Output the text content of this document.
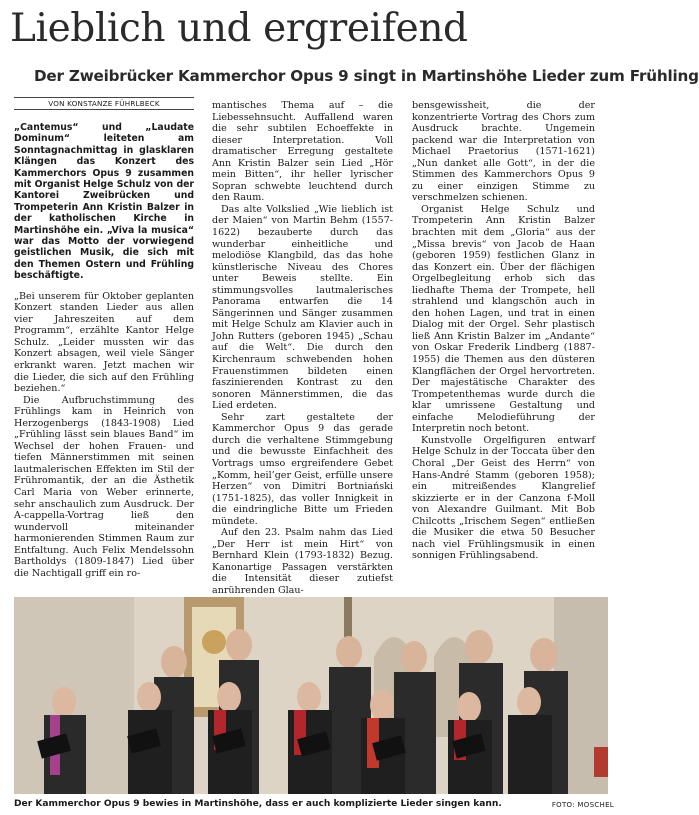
Lieblich und ergreifend
Der Zweibrücker Kammerchor Opus 9 singt in Martinshöhe Lieder zum Frühling
VON KONSTANZE FÜHRLBECK

„Cantemus“ und „Laudate Dominum“ leiteten am Sonntagnachmittag in glasklaren Klängen das Konzert des Kammerchors Opus 9 zusammen mit Organist Helge Schulz von der Kantorei Zweibrücken und Trompeterin Ann Kristin Balzer in der katholischen Kirche in Martinshöhe ein. „Viva la musica“ war das Motto der vorwiegend geistlichen Musik, die sich mit den Themen Ostern und Frühling beschäftigte.

„Bei unserem für Oktober geplanten Konzert standen Lieder aus allen vier Jahreszeiten auf dem Programm“, erzählte Kantor Helge Schulz. „Leider mussten wir das Konzert absagen, weil viele Sänger erkrankt waren. Jetzt machen wir die Lieder, die sich auf den Frühling beziehen.“

Die Aufbruchstimmung des Frühlings kam in Heinrich von Herzogenbergs (1843-1908) Lied „Frühling lässt sein blaues Band“ im Wechsel der hohen Frauen- und tiefen Männerstimmen mit seinen lautmalerischen Effekten im Stil der Frühromantik, der an die Ästhetik Carl Maria von Weber erinnerte, sehr anschaulich zum Ausdruck. Der A-cappella-Vortrag ließ den wundervoll miteinander harmonierenden Stimmen Raum zur Entfaltung. Auch Felix Mendelssohn Bartholdys (1809-1847) Lied über die Nachtigall griff ein ro-

mantisches Thema auf – die Liebessehnsucht. Auffallend waren die sehr subtilen Echoeffekte in dieser Interpretation. Voll dramatischer Erregung gestaltete Ann Kristin Balzer sein Lied „Hör mein Bitten“, ihr heller lyrischer Sopran schwebte leuchtend durch den Raum.

Das alte Volkslied „Wie lieblich ist der Maien“ von Martin Behm (1557-1622) bezauberte durch das wunderbar einheitliche und melodiöse Klangbild, das das hohe künstlerische Niveau des Chores unter Beweis stellte. Ein stimmungsvolles lautmalerisches Panorama entwarfen die 14 Sängerinnen und Sänger zusammen mit Helge Schulz am Klavier auch in John Rutters (geboren 1945) „Schau auf die Welt“. Die durch den Kirchenraum schwebenden hohen Frauenstimmen bildeten einen faszinierenden Kontrast zu den sonoren Männerstimmen, die das Lied erdeten.

Sehr zart gestaltete der Kammerchor Opus 9 das gerade durch die verhaltene Stimmgebung und die bewusste Einfachheit des Vortrags umso ergreifendere Gebet „Komm, heil’ger Geist, erfülle unsere Herzen“ von Dimitri Bortniański (1751-1825), das voller Innigkeit in die eindringliche Bitte um Frieden mündete.

Auf den 23. Psalm nahm das Lied „Der Herr ist mein Hirt“ von Bernhard Klein (1793-1832) Bezug. Kanonartige Passagen verstärkten die Intensität dieser zutiefst anrührenden Glau-

bensgewissheit, die der konzentrierte Vortrag des Chors zum Ausdruck brachte. Ungemein packend war die Interpretation von Michael Praetorius (1571-1621) „Nun danket alle Gott“, in der die Stimmen des Kammerchors Opus 9 zu einer einzigen Stimme zu verschmelzen schienen.

Organist Helge Schulz und Trompeterin Ann Kristin Balzer brachten mit dem „Gloria“ aus der „Missa brevis“ von Jacob de Haan (geboren 1959) festlichen Glanz in das Konzert ein. Über der flächigen Orgelbegleitung erhob sich das liedhafte Thema der Trompete, hell strahlend und klangschön auch in den hohen Lagen, und trat in einen Dialog mit der Orgel. Sehr plastisch ließ Ann Kristin Balzer im „Andante“ von Oskar Frederik Lindberg (1887-1955) die Themen aus den düsteren Klangflächen der Orgel hervortreten. Der majestätische Charakter des Trompetenthemas wurde durch die klar umrissene Gestaltung und einfache Melodieführung der Interpretin noch betont.

Kunstvolle Orgelfiguren entwarf Helge Schulz in der Toccata über den Choral „Der Geist des Herrn“ von Hans-André Stamm (geboren 1958); ein mitreißendes Klangrelief skizzierte er in der Canzona f-Moll von Alexandre Guilmant. Mit Bob Chilcotts „Irischem Segen“ entließen die Musiker die etwa 50 Besucher nach viel Frühlingsmusik in einen sonnigen Frühlingsabend.

Der Kammerchor Opus 9 bewies in Martinshöhe, dass er auch komplizierte Lieder singen kann.	FOTO: MOSCHEL
